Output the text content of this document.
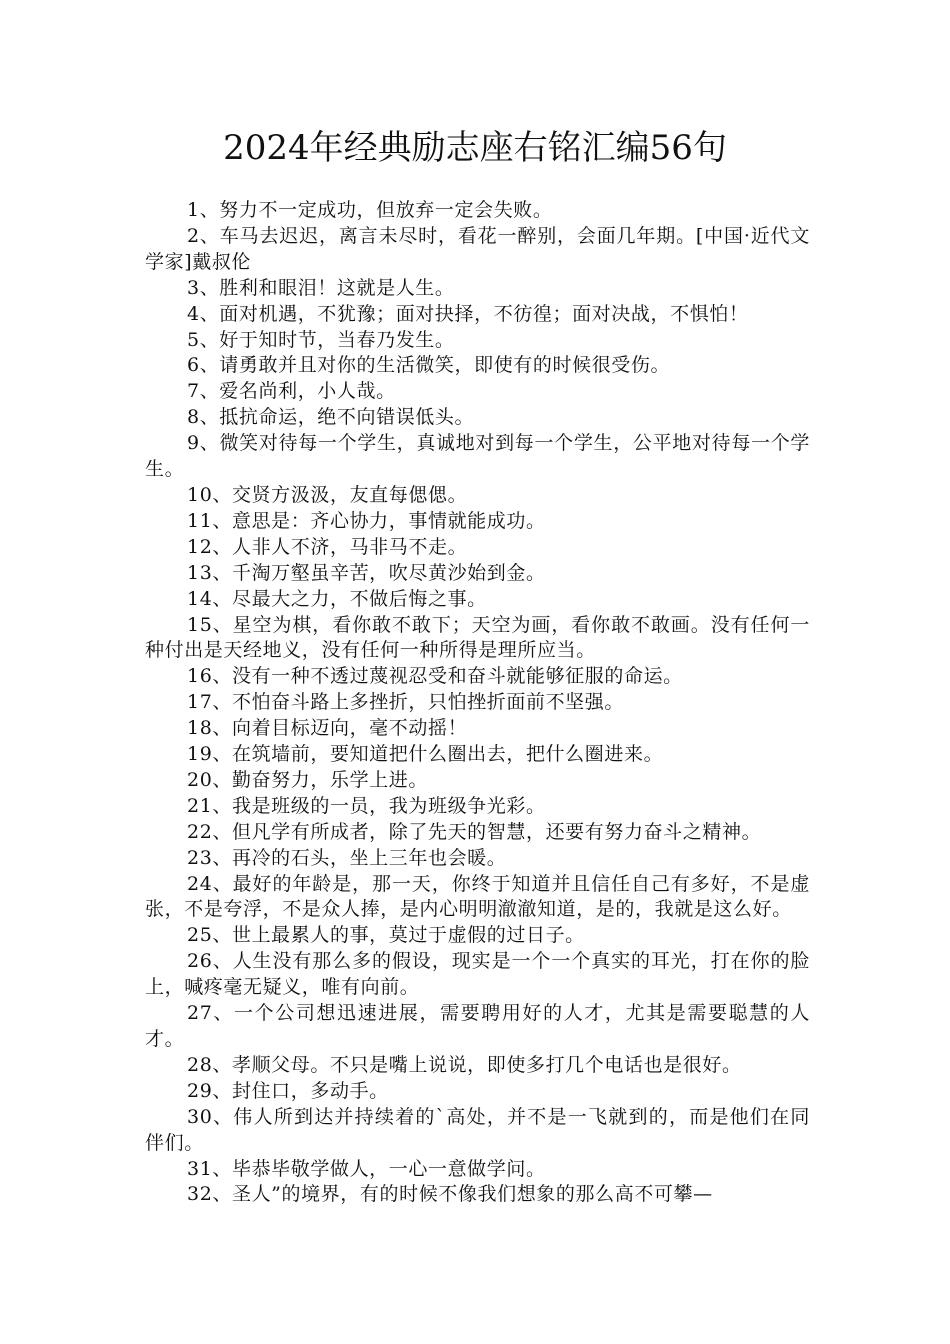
2024年经典励志座右铭汇编56句

1、努力不一定成功，但放弃一定会失败。

2、车马去迟迟，离言未尽时，看花一醉别，会面几年期。[中国·近代文学家]戴叔伦

3、胜利和眼泪！这就是人生。

4、面对机遇，不犹豫；面对抉择，不彷徨；面对决战，不惧怕！

5、好于知时节，当春乃发生。

6、请勇敢并且对你的生活微笑，即使有的时候很受伤。

7、爱名尚利，小人哉。

8、抵抗命运，绝不向错误低头。

9、微笑对待每一个学生，真诚地对到每一个学生，公平地对待每一个学生。

10、交贤方汲汲，友直每偲偲。

11、意思是：齐心协力，事情就能成功。

12、人非人不济，马非马不走。

13、千淘万壑虽辛苦，吹尽黄沙始到金。

14、尽最大之力，不做后悔之事。

15、星空为棋，看你敢不敢下；天空为画，看你敢不敢画。没有任何一种付出是天经地义，没有任何一种所得是理所应当。

16、没有一种不透过蔑视忍受和奋斗就能够征服的命运。

17、不怕奋斗路上多挫折，只怕挫折面前不坚强。

18、向着目标迈向，毫不动摇！

19、在筑墙前，要知道把什么圈出去，把什么圈进来。

20、勤奋努力，乐学上进。

21、我是班级的一员，我为班级争光彩。

22、但凡学有所成者，除了先天的智慧，还要有努力奋斗之精神。

23、再冷的石头，坐上三年也会暖。

24、最好的年龄是，那一天，你终于知道并且信任自己有多好，不是虚张，不是夸浮，不是众人捧，是内心明明澈澈知道，是的，我就是这么好。

25、世上最累人的事，莫过于虚假的过日子。

26、人生没有那么多的假设，现实是一个一个真实的耳光，打在你的脸上，喊疼毫无疑义，唯有向前。

27、一个公司想迅速进展，需要聘用好的人才，尤其是需要聪慧的人才。

28、孝顺父母。不只是嘴上说说，即使多打几个电话也是很好。

29、封住口，多动手。

30、伟人所到达并持续着的`高处，并不是一飞就到的，而是他们在同伴们。

31、毕恭毕敬学做人，一心一意做学问。

32、圣人”的境界，有的时候不像我们想象的那么高不可攀—
